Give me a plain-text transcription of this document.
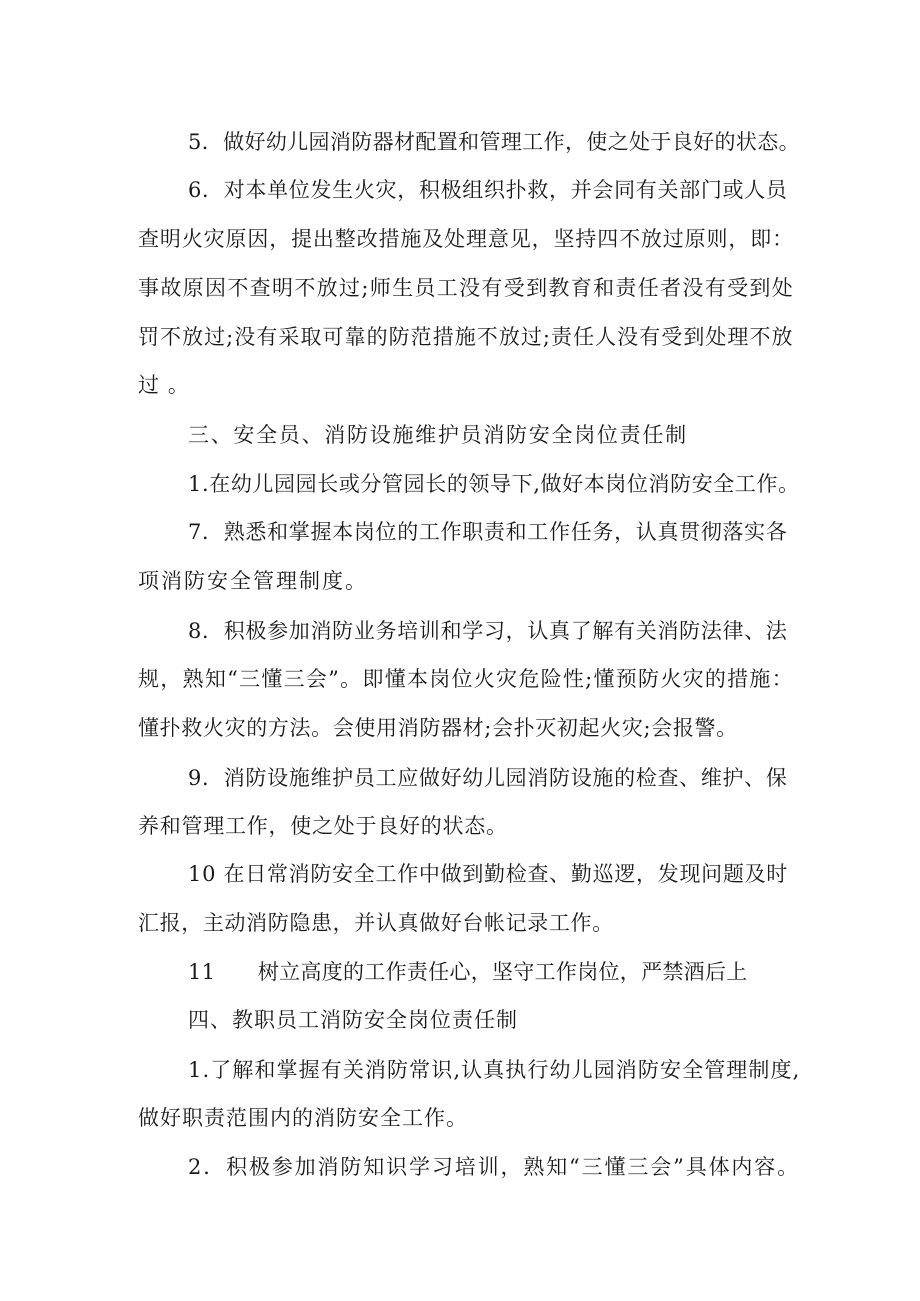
5．做好幼儿园消防器材配置和管理工作，使之处于良好的状态。
6．对本单位发生火灾，积极组织扑救，并会同有关部门或人员
查明火灾原因，提出整改措施及处理意见，坚持四不放过原则，即：
事故原因不查明不放过;师生员工没有受到教育和责任者没有受到处
罚不放过;没有采取可靠的防范措施不放过;责任人没有受到处理不放
过。
三、安全员、消防设施维护员消防安全岗位责任制
1.在幼儿园园长或分管园长的领导下,做好本岗位消防安全工作。
7．熟悉和掌握本岗位的工作职责和工作任务，认真贯彻落实各
项消防安全管理制度。
8．积极参加消防业务培训和学习，认真了解有关消防法律、法
规，熟知“三懂三会”。即懂本岗位火灾危险性;懂预防火灾的措施：
懂扑救火灾的方法。会使用消防器材;会扑灭初起火灾;会报警。
9．消防设施维护员工应做好幼儿园消防设施的检查、维护、保
养和管理工作，使之处于良好的状态。
10 在日常消防安全工作中做到勤检查、勤巡逻，发现问题及时
汇报，主动消防隐患，并认真做好台帐记录工作。
11　　树立高度的工作责任心，坚守工作岗位，严禁酒后上
四、教职员工消防安全岗位责任制
1.了解和掌握有关消防常识,认真执行幼儿园消防安全管理制度,
做好职责范围内的消防安全工作。
2．积极参加消防知识学习培训，熟知“三懂三会”具体内容。
